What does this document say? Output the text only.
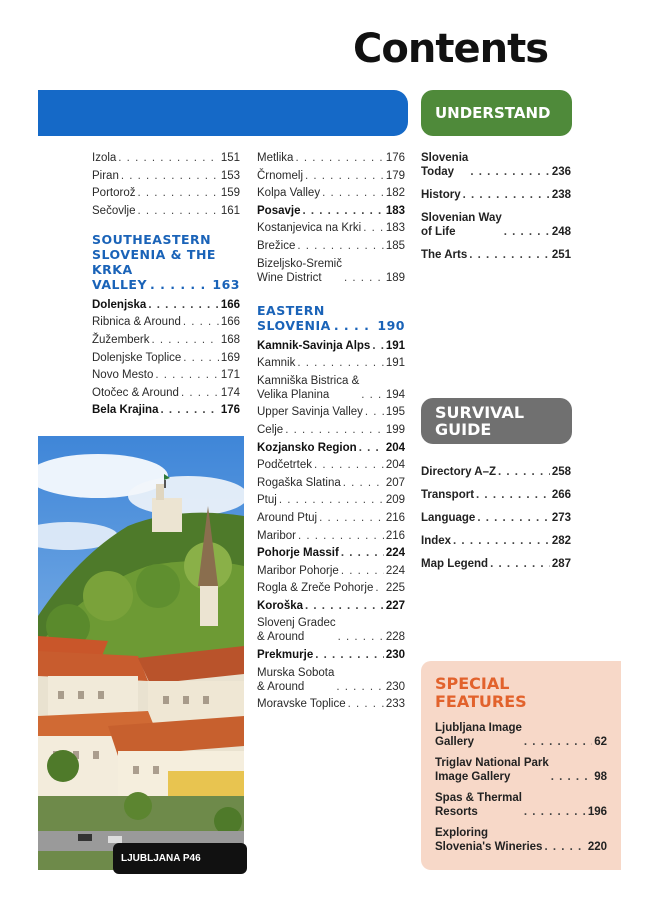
Contents
UNDERSTAND
SURVIVAL
GUIDE
Izola . . .	151
Piran . . .	153
Portorož . . .	159
Sečovlje . . .	161
SOUTHEASTERN
SLOVENIA & THE KRKA
VALLEY . . .	163
Dolenjska . . .	166
Ribnica & Around . . .	166
Žužemberk . . .	168
Dolenjske Toplice . . .	169
Novo Mesto . . .	171
Otočec & Around . . .	174
Bela Krajina . . .	176
Metlika . . .	176
Črnomelj . . .	179
Kolpa Valley . . .	182
Posavje . . .	183
Kostanjevica na Krki . . . 183
Brežice . . .	185
Bizeljsko-Sremič
Wine District . . .	189
EASTERN
SLOVENIA . . .	190
Kamnik-Savinja Alps . . . 191
Kamnik . . .	191
Kamniška Bistrica &
Velika Planina . . .	194
Upper Savinja Valley . . . 195
Celje . . .	199
Kozjansko Region . . .	204
Podčetrtek . . .	204
Rogaška Slatina . . .	207
Ptuj . . .	209
Around Ptuj . . .	216
Maribor . . .	216
Pohorje Massif . . .	224
Maribor Pohorje . . .	224
Rogla & Zreče Pohorje . . . 225
Koroška . . .	227
Slovenj Gradec
& Around . . .	228
Prekmurje . . .	230
Murska Sobota
& Around . . .	230
Moravske Toplice . . .	233
Slovenia
Today . . .	236
History . . .	238
Slovenian Way
of Life . . .	248
The Arts . . .	251
Directory A–Z . . .	258
Transport . . .	266
Language . . .	273
Index . . .	282
Map Legend . . .	287
SPECIAL
FEATURES
Ljubljana Image
Gallery . . .	62
Triglav National Park
Image Gallery . . .	98
Spas & Thermal
Resorts . . .	196
Exploring
Slovenia's Wineries . . .	220
LJUBLJANA P46
